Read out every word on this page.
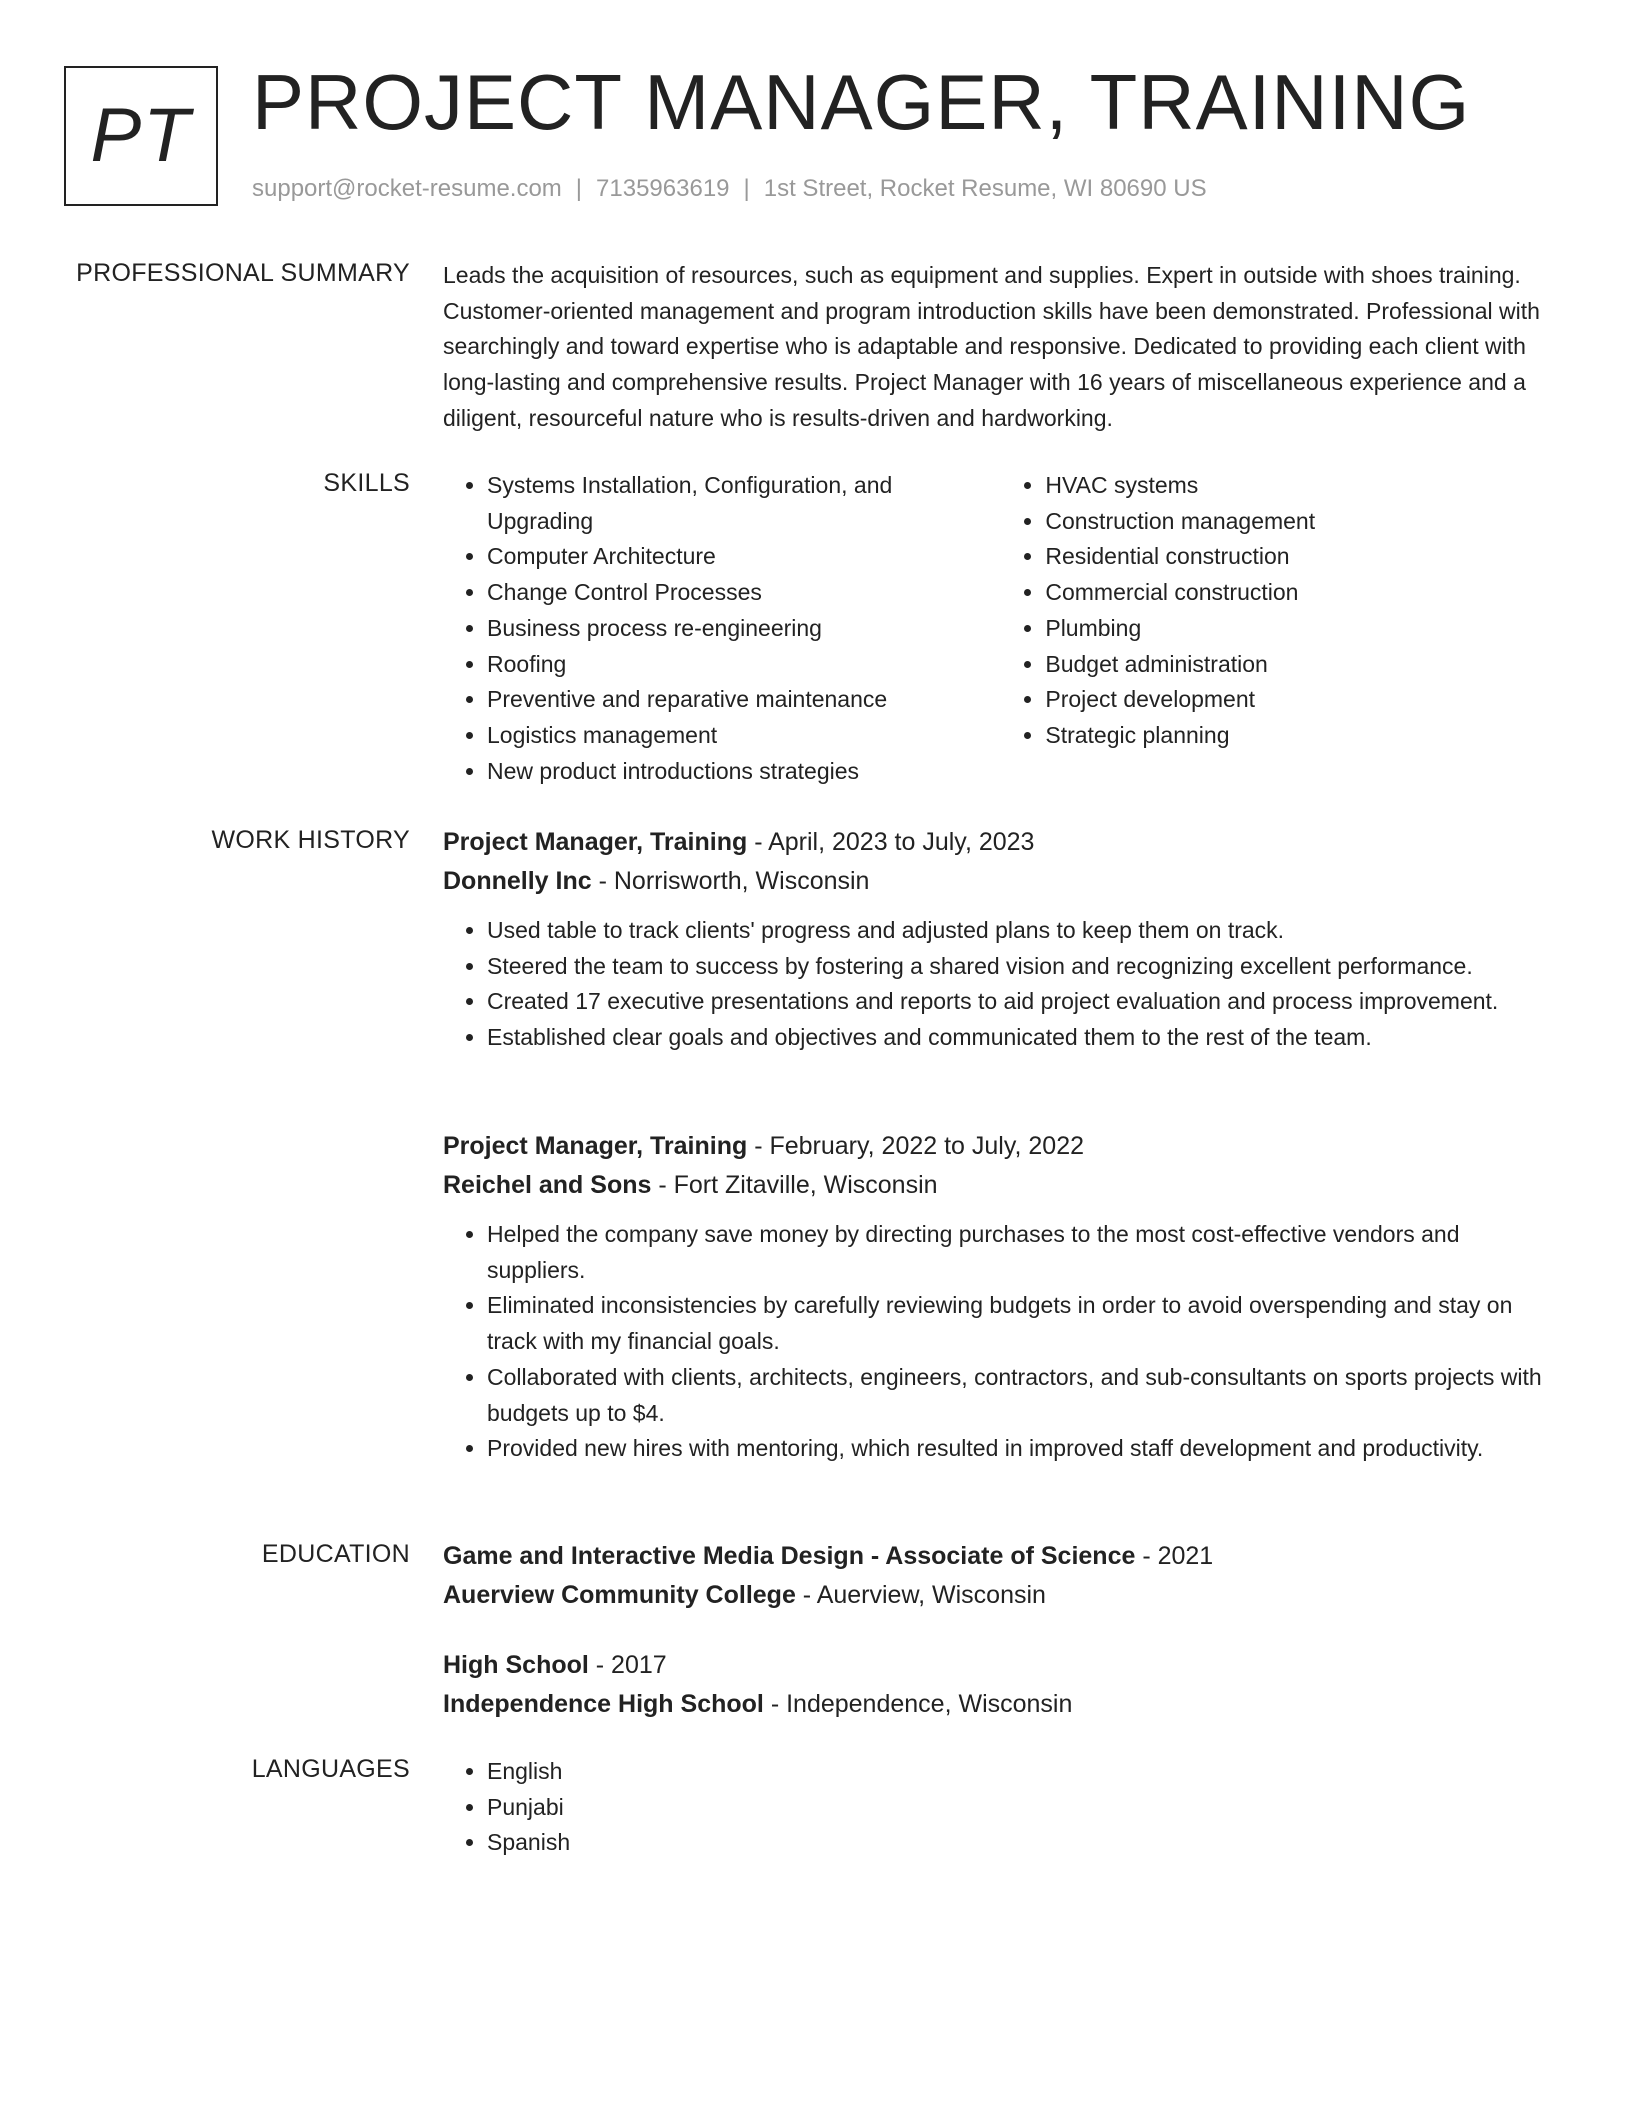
PT PROJECT MANAGER, TRAINING
support@rocket-resume.com | 7135963619 | 1st Street, Rocket Resume, WI 80690 US
PROFESSIONAL SUMMARY Leads the acquisition of resources, such as equipment and supplies. Expert in outside with shoes training. Customer-oriented management and program introduction skills have been demonstrated. Professional with searchingly and toward expertise who is adaptable and responsive. Dedicated to providing each client with long-lasting and comprehensive results. Project Manager with 16 years of miscellaneous experience and a diligent, resourceful nature who is results-driven and hardworking.

SKILLS	• Systems Installation, Configuration, and Upgrading
• Computer Architecture
• Change Control Processes
• Business process re-engineering
• Roofing
• Preventive and reparative maintenance
• Logistics management
• New product introductions strategies
• HVAC systems
• Construction management
• Residential construction
• Commercial construction
• Plumbing
• Budget administration
• Project development
• Strategic planning
WORK HISTORY Project Manager, Training - April, 2023 to July, 2023
Donnelly Inc - Norrisworth, Wisconsin
• Used table to track clients' progress and adjusted plans to keep them on track.
• Steered the team to success by fostering a shared vision and recognizing excellent performance.
• Created 17 executive presentations and reports to aid project evaluation and process improvement.
• Established clear goals and objectives and communicated them to the rest of the team.
Project Manager, Training - February, 2022 to July, 2022
Reichel and Sons - Fort Zitaville, Wisconsin
• Helped the company save money by directing purchases to the most cost-effective vendors and suppliers.
• Eliminated inconsistencies by carefully reviewing budgets in order to avoid overspending and stay on track with my financial goals.
• Collaborated with clients, architects, engineers, contractors, and sub-consultants on sports projects with budgets up to $4.
• Provided new hires with mentoring, which resulted in improved staff development and productivity.
EDUCATION Game and Interactive Media Design - Associate of Science - 2021
Auerview Community College - Auerview, Wisconsin
High School - 2017
Independence High School - Independence, Wisconsin
LANGUAGES	• English
• Punjabi
• Spanish
